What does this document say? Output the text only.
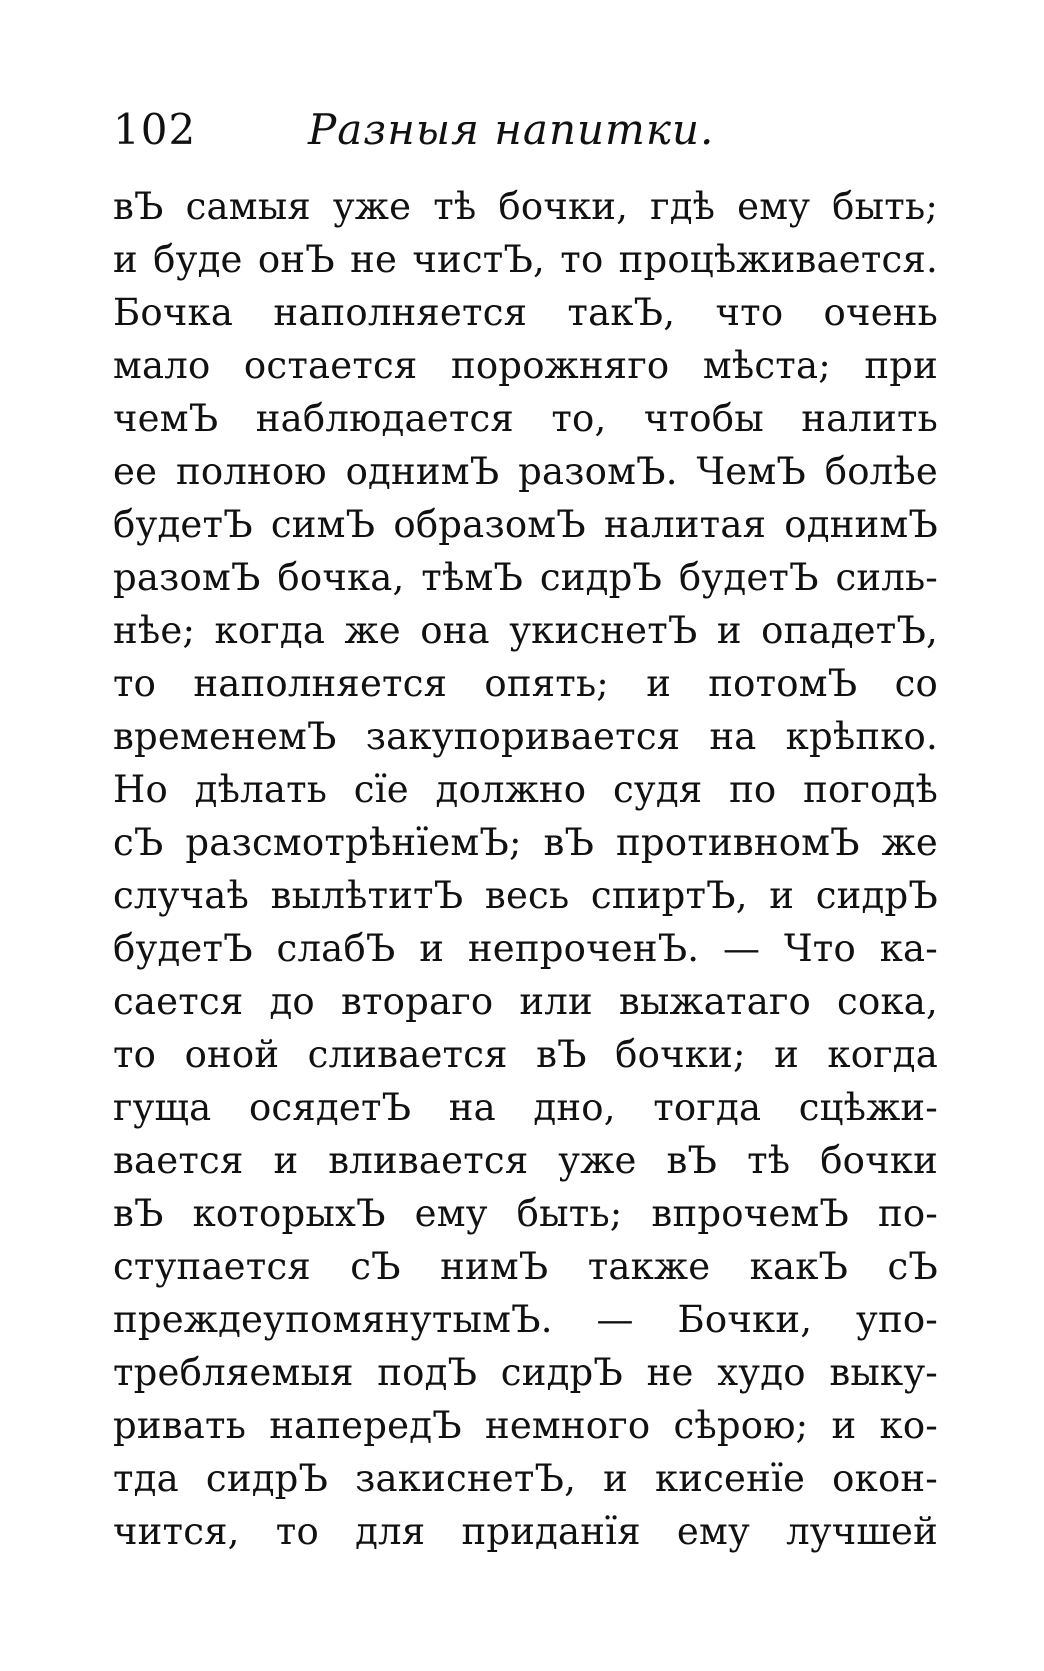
102	Разныя напитки.
вЪ самыя уже тѣ бочки, гдѣ ему быть;
и буде онЪ не чистЪ, то процѣживается.
Бочка наполняется такЪ, что очень
мало остается порожняго мѣста; при
чемЪ наблюдается то, чтобы налить
ее полною однимЪ разомЪ. ЧемЪ болѣе
будетЪ симЪ образомЪ налитая однимЪ
разомЪ бочка, тѣмЪ сидрЪ будетЪ силь-
нѣе; когда же она укиснетЪ и опадетЪ,
то наполняется опять; и потомЪ со
временемЪ закупоривается на крѣпко.
Но дѣлать сїе должно судя по погодѣ
сЪ разсмотрѣнїемЪ; вЪ противномЪ же
случаѣ вылѣтитЪ весь спиртЪ, и сидрЪ
будетЪ слабЪ и непроченЪ. — Что ка-
сается до втораго или выжатаго сока,
то оной сливается вЪ бочки; и когда
гуща осядетЪ на дно, тогда сцѣжи-
вается и вливается уже вЪ тѣ бочки
вЪ которыхЪ ему быть; впрочемЪ по-
ступается сЪ нимЪ также какЪ сЪ
преждеупомянутымЪ. — Бочки, упо-
требляемыя подЪ сидрЪ не худо выку-
ривать напередЪ немного сѣрою; и ко-
тда сидрЪ закиснетЪ, и кисенїе окон-
чится, то для приданїя ему лучшей
